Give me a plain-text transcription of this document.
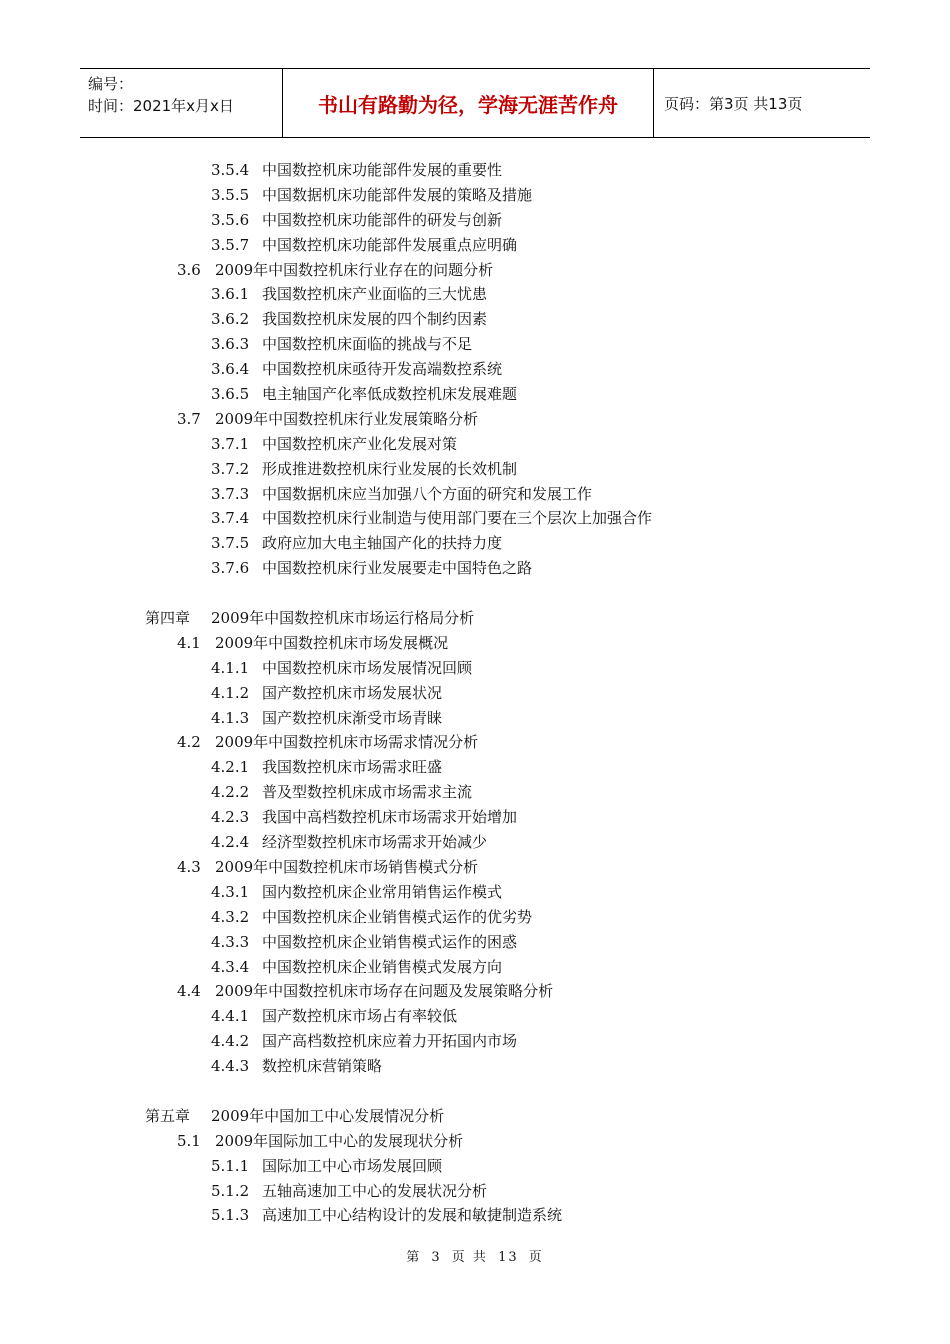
编号：
时间：2021年x月x日	书山有路勤为径，学海无涯苦作舟	页码：第3页 共13页
3.5.4 中国数控机床功能部件发展的重要性
3.5.5 中国数据机床功能部件发展的策略及措施
3.5.6 中国数控机床功能部件的研发与创新
3.5.7 中国数控机床功能部件发展重点应明确
3.6 2009年中国数控机床行业存在的问题分析
3.6.1 我国数控机床产业面临的三大忧患
3.6.2 我国数控机床发展的四个制约因素
3.6.3 中国数控机床面临的挑战与不足
3.6.4 中国数控机床亟待开发高端数控系统
3.6.5 电主轴国产化率低成数控机床发展难题
3.7 2009年中国数控机床行业发展策略分析
3.7.1 中国数控机床产业化发展对策
3.7.2 形成推进数控机床行业发展的长效机制
3.7.3 中国数据机床应当加强八个方面的研究和发展工作
3.7.4 中国数控机床行业制造与使用部门要在三个层次上加强合作
3.7.5 政府应加大电主轴国产化的扶持力度
3.7.6 中国数控机床行业发展要走中国特色之路
第四章 2009年中国数控机床市场运行格局分析
4.1 2009年中国数控机床市场发展概况
4.1.1 中国数控机床市场发展情况回顾
4.1.2 国产数控机床市场发展状况
4.1.3 国产数控机床渐受市场青睐
4.2 2009年中国数控机床市场需求情况分析
4.2.1 我国数控机床市场需求旺盛
4.2.2 普及型数控机床成市场需求主流
4.2.3 我国中高档数控机床市场需求开始增加
4.2.4 经济型数控机床市场需求开始减少
4.3 2009年中国数控机床市场销售模式分析
4.3.1 国内数控机床企业常用销售运作模式
4.3.2 中国数控机床企业销售模式运作的优劣势
4.3.3 中国数控机床企业销售模式运作的困惑
4.3.4 中国数控机床企业销售模式发展方向
4.4 2009年中国数控机床市场存在问题及发展策略分析
4.4.1 国产数控机床市场占有率较低
4.4.2 国产高档数控机床应着力开拓国内市场
4.4.3 数控机床营销策略
第五章 2009年中国加工中心发展情况分析
5.1 2009年国际加工中心的发展现状分析
5.1.1 国际加工中心市场发展回顾
5.1.2 五轴高速加工中心的发展状况分析
5.1.3 高速加工中心结构设计的发展和敏捷制造系统
第 3 页 共 13 页
